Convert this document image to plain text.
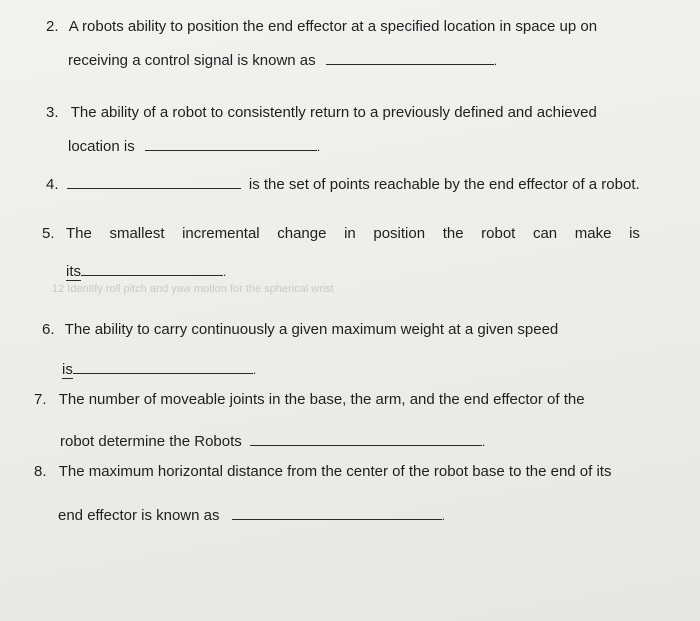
12 Identify roll pitch and yaw motion for the spherical wrist
2. A robots ability to position the end effector at a specified location in space up on
receiving a control signal is known as	.
3. The ability of a robot to consistently return to a previously defined and achieved
location is	.
4.	is the set of points reachable by the end effector of a robot.
5. The smallest incremental change in position the robot can make is
its	.
6. The ability to carry continuously a given maximum weight at a given speed
is	.
7. The number of moveable joints in the base, the arm, and the end effector of the
robot determine the Robots	.
8. The maximum horizontal distance from the center of the robot base to the end of its
end effector is known as	.
